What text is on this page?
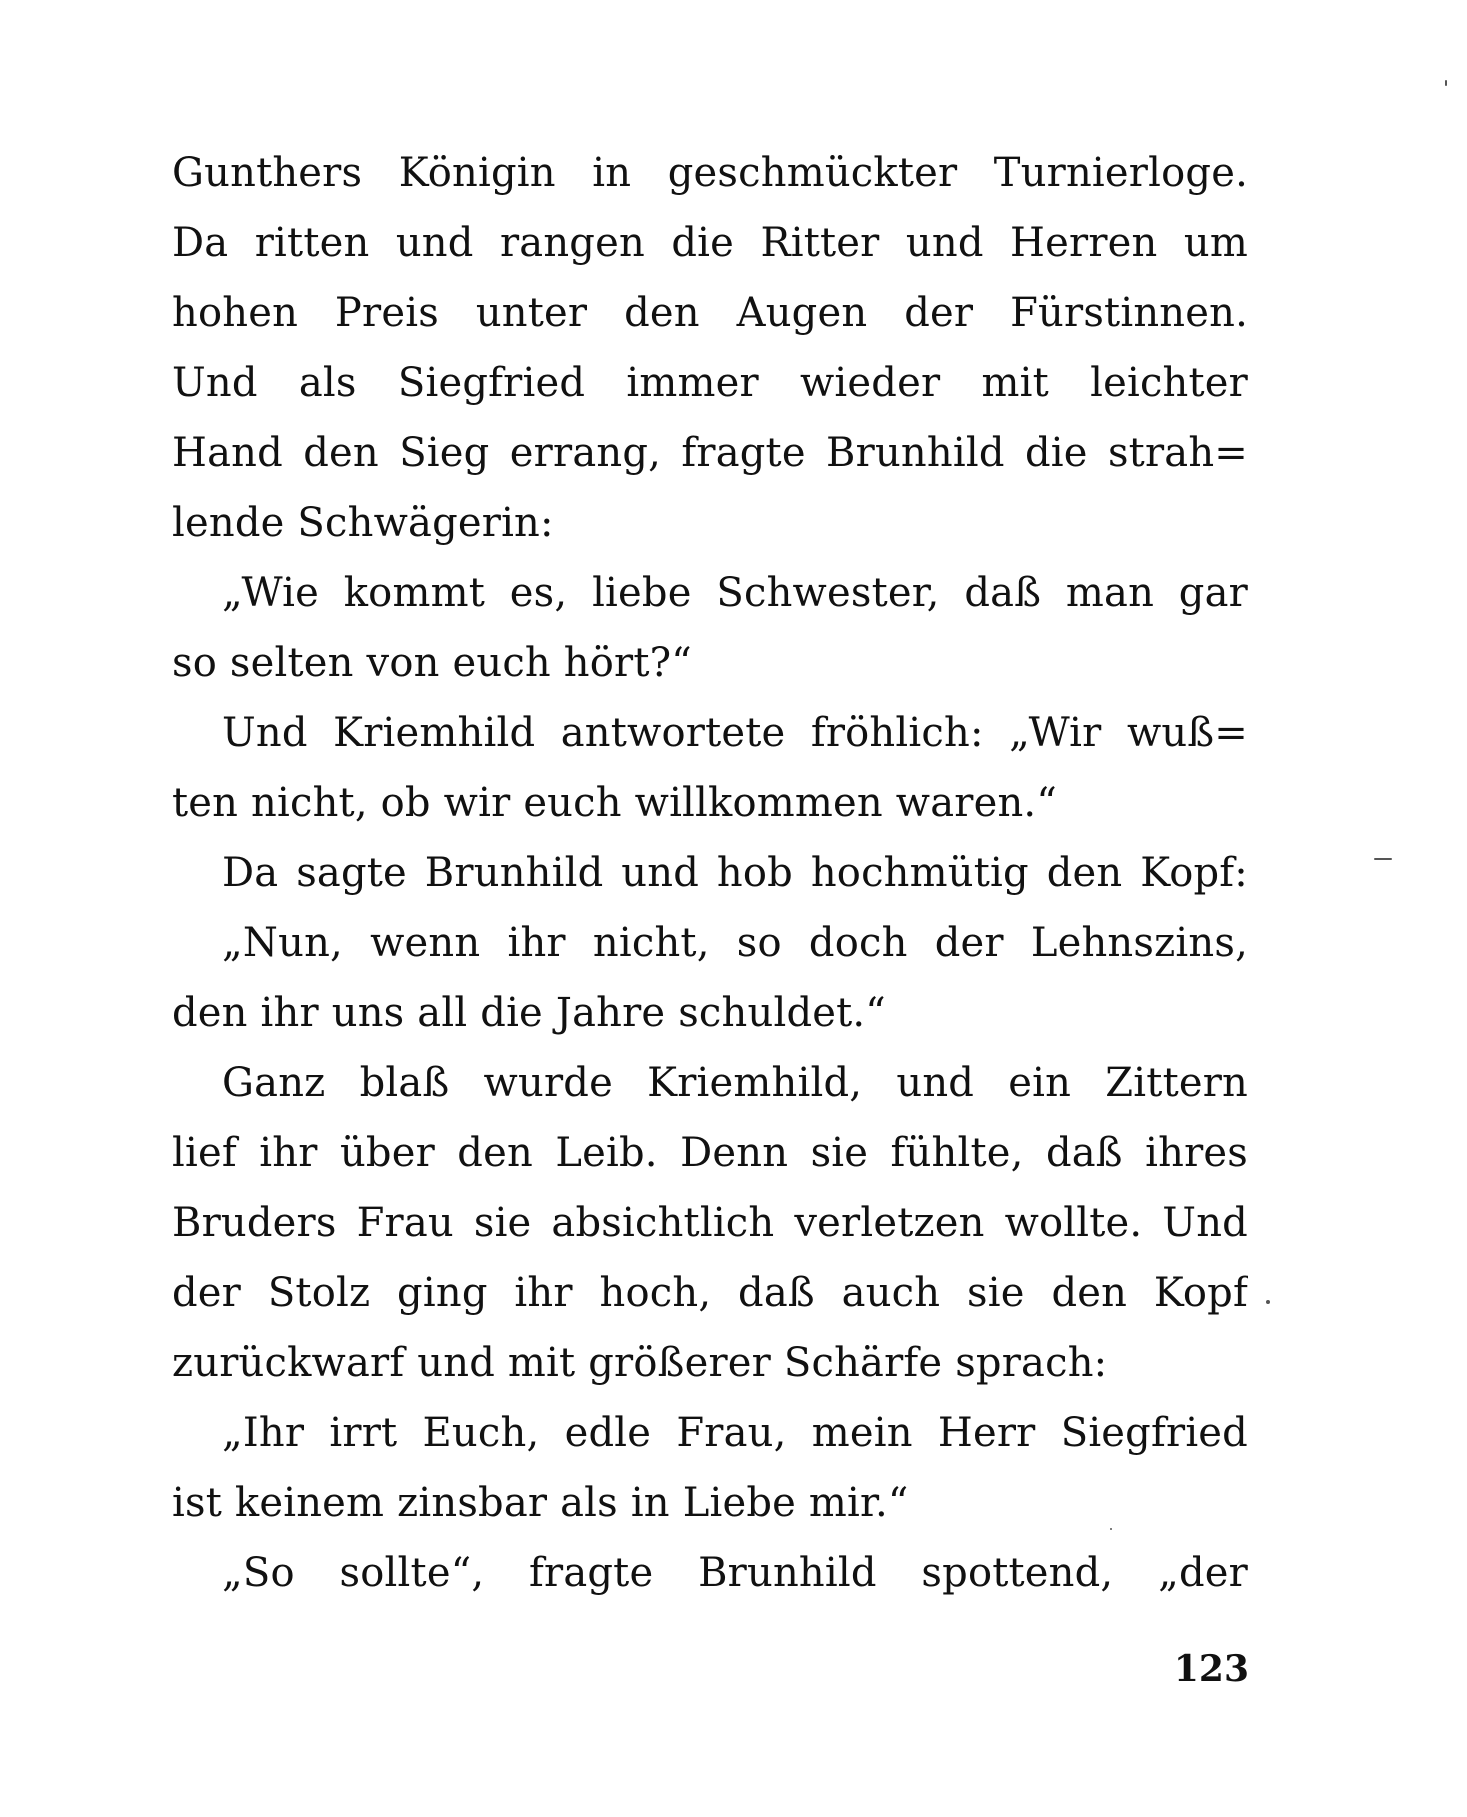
Gunthers Königin in geschmückter Turnierloge.
Da ritten und rangen die Ritter und Herren um
hohen Preis unter den Augen der Fürstinnen.
Und als Siegfried immer wieder mit leichter
Hand den Sieg errang, fragte Brunhild die strah=
lende Schwägerin:
„Wie kommt es, liebe Schwester, daß man gar
so selten von euch hört?“
Und Kriemhild antwortete fröhlich: „Wir wuß=
ten nicht, ob wir euch willkommen waren.“
Da sagte Brunhild und hob hochmütig den Kopf:
„Nun, wenn ihr nicht, so doch der Lehnszins,
den ihr uns all die Jahre schuldet.“
Ganz blaß wurde Kriemhild, und ein Zittern
lief ihr über den Leib. Denn sie fühlte, daß ihres
Bruders Frau sie absichtlich verletzen wollte. Und
der Stolz ging ihr hoch, daß auch sie den Kopf
zurückwarf und mit größerer Schärfe sprach:
„Ihr irrt Euch, edle Frau, mein Herr Siegfried
ist keinem zinsbar als in Liebe mir.“
„So sollte“, fragte Brunhild spottend, „der
123
